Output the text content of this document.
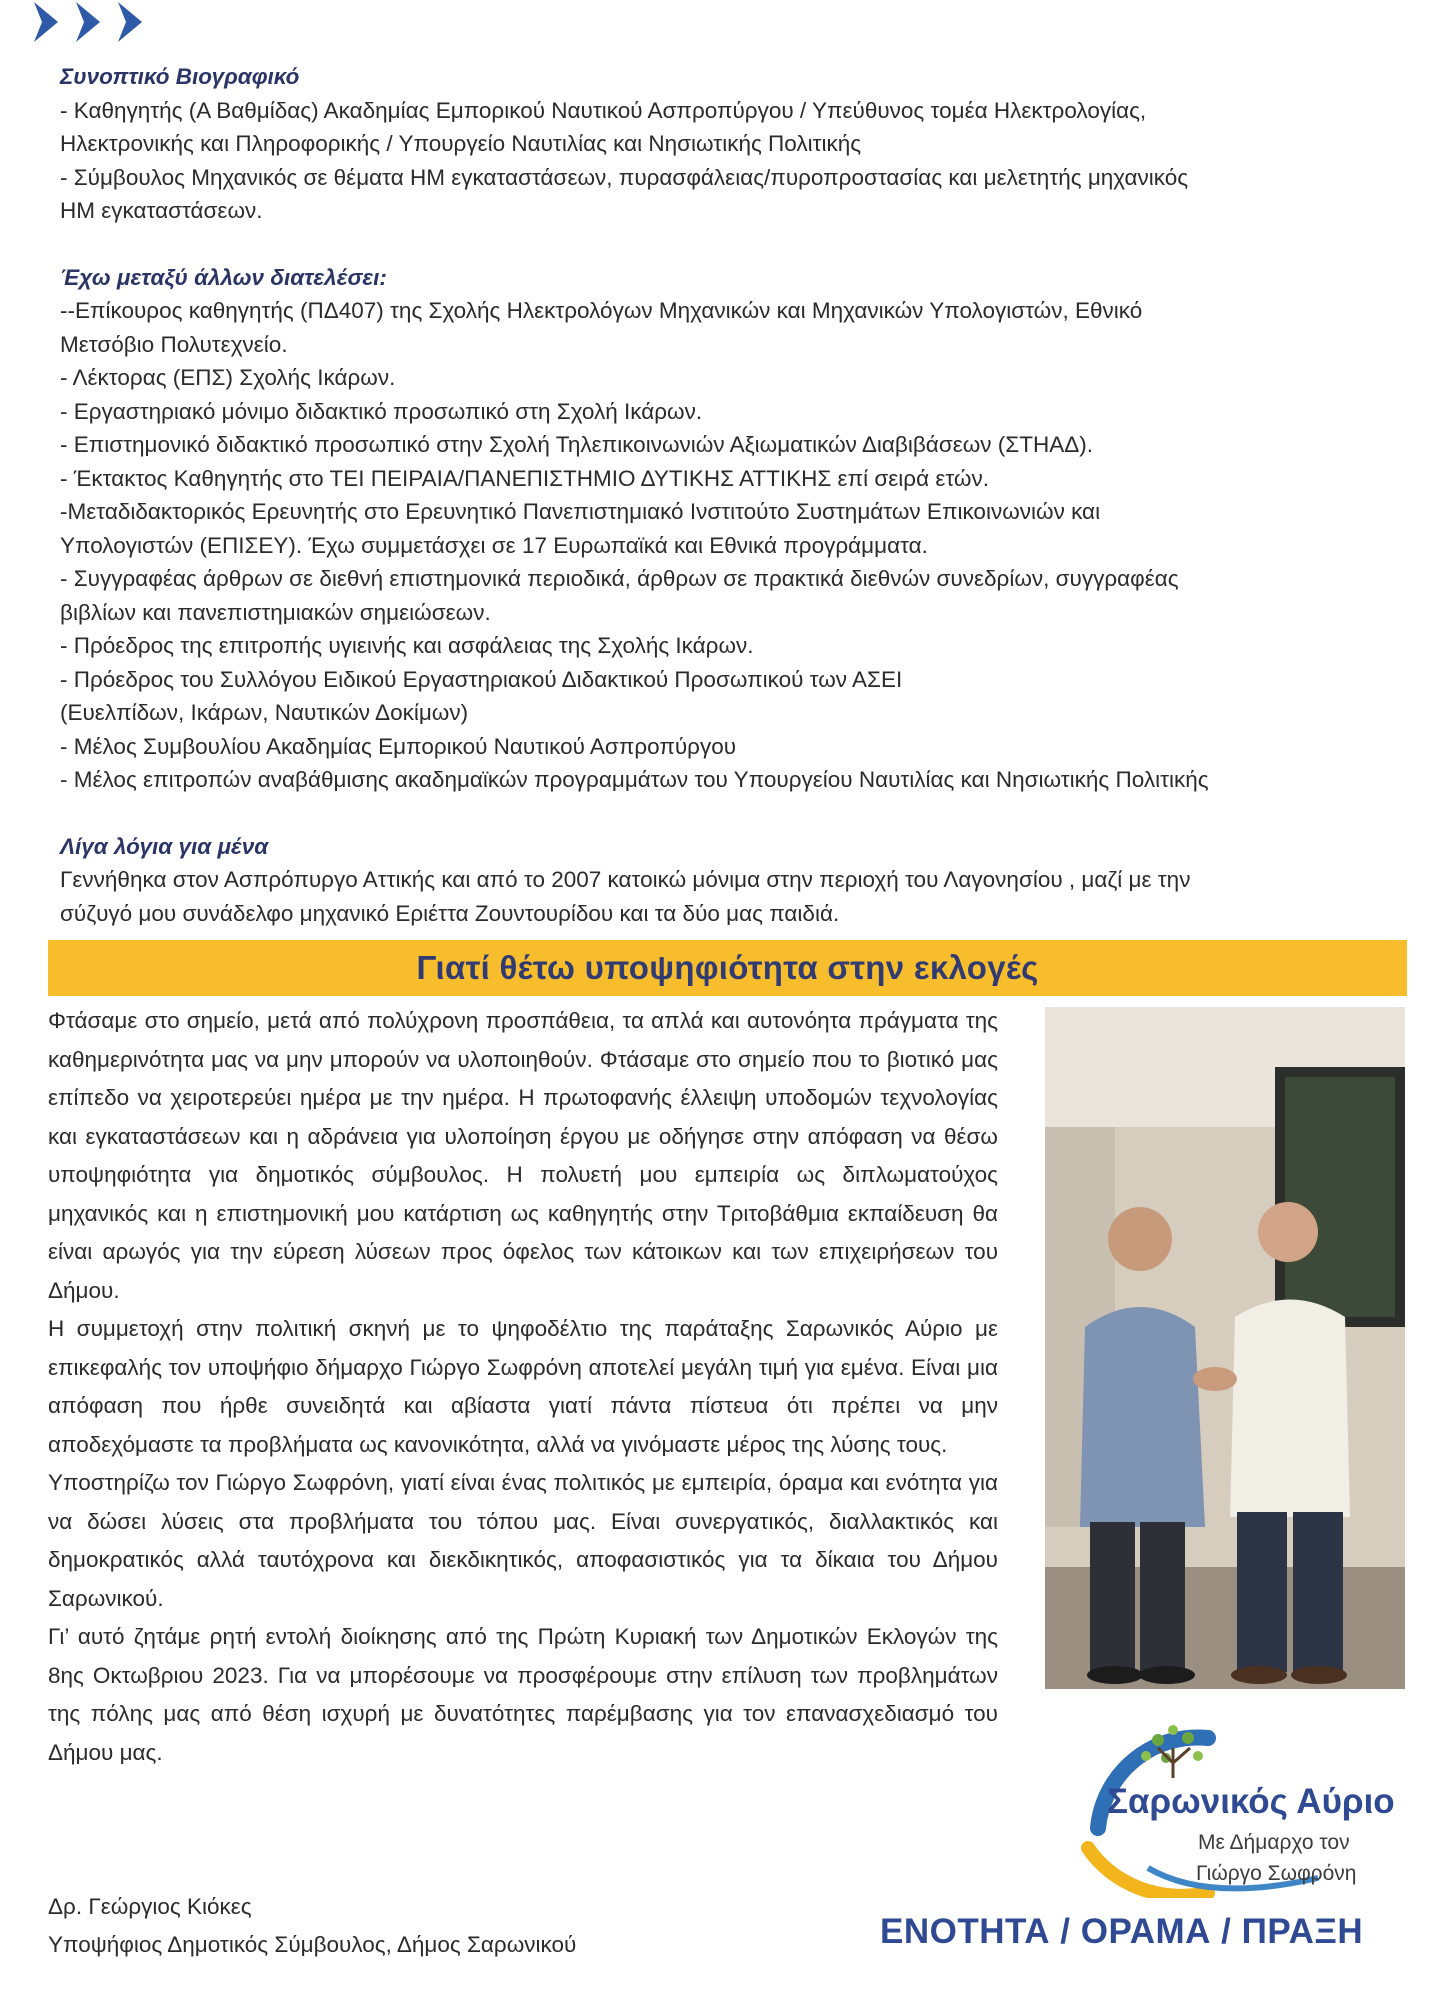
Συνοπτικό Βιογραφικό
- Καθηγητής (Α Βαθμίδας) Ακαδημίας Εμπορικού Ναυτικού Ασπροπύργου / Υπεύθυνος τομέα Ηλεκτρολογίας,
Ηλεκτρονικής και Πληροφορικής / Υπουργείο Ναυτιλίας και Νησιωτικής Πολιτικής
- Σύμβουλος Μηχανικός σε θέματα ΗΜ εγκαταστάσεων, πυρασφάλειας/πυροπροστασίας και μελετητής μηχανικός
ΗΜ εγκαταστάσεων.
Έχω μεταξύ άλλων διατελέσει:
--Επίκουρος καθηγητής (ΠΔ407) της Σχολής Ηλεκτρολόγων Μηχανικών και Μηχανικών Υπολογιστών, Εθνικό
Μετσόβιο Πολυτεχνείο.
- Λέκτορας (ΕΠΣ) Σχολής Ικάρων.
- Εργαστηριακό μόνιμο διδακτικό προσωπικό στη Σχολή Ικάρων.
- Επιστημονικό διδακτικό προσωπικό στην Σχολή Τηλεπικοινωνιών Αξιωματικών Διαβιβάσεων (ΣΤΗΑΔ).
- Έκτακτος Καθηγητής στο ΤΕΙ ΠΕΙΡΑΙΑ/ΠΑΝΕΠΙΣΤΗΜΙΟ ΔΥΤΙΚΗΣ ΑΤΤΙΚΗΣ επί σειρά ετών.
-Μεταδιδακτορικός Ερευνητής στο Ερευνητικό Πανεπιστημιακό Ινστιτούτο Συστημάτων Επικοινωνιών και
Υπολογιστών (ΕΠΙΣΕΥ). Έχω συμμετάσχει σε 17 Ευρωπαϊκά και Εθνικά προγράμματα.
- Συγγραφέας άρθρων σε διεθνή επιστημονικά περιοδικά, άρθρων σε πρακτικά διεθνών συνεδρίων, συγγραφέας
βιβλίων και πανεπιστημιακών σημειώσεων.
- Πρόεδρος της επιτροπής υγιεινής και ασφάλειας της Σχολής Ικάρων.
- Πρόεδρος του Συλλόγου Ειδικού Εργαστηριακού Διδακτικού Προσωπικού των ΑΣΕΙ
(Ευελπίδων, Ικάρων, Ναυτικών Δοκίμων)
- Μέλος Συμβουλίου Ακαδημίας Εμπορικού Ναυτικού Ασπροπύργου
- Μέλος επιτροπών αναβάθμισης ακαδημαϊκών προγραμμάτων του Υπουργείου Ναυτιλίας και Νησιωτικής Πολιτικής
Λίγα λόγια για μένα
Γεννήθηκα στον Ασπρόπυργο Αττικής και από το 2007 κατοικώ μόνιμα στην περιοχή του Λαγονησίου , μαζί με την
σύζυγό μου συνάδελφο μηχανικό Εριέττα Ζουντουρίδου και τα δύο μας παιδιά.
Γιατί θέτω υποψηφιότητα στην εκλογές

Φτάσαμε στο σημείο, μετά από πολύχρονη προσπάθεια, τα απλά και αυτονόητα πράγματα της καθημερινότητα μας να μην μπορούν να υλοποιηθούν. Φτάσαμε στο σημείο που το βιοτικό μας επίπεδο να χειροτερεύει ημέρα με την ημέρα. Η πρωτοφανής έλλειψη υποδομών τεχνολογίας και εγκαταστάσεων και η αδράνεια για υλοποίηση έργου με οδήγησε στην απόφαση να θέσω υποψηφιότητα για δημοτικός σύμβουλος. Η πολυετή μου εμπειρία ως διπλωματούχος μηχανικός και η επιστημονική μου κατάρτιση ως καθηγητής στην Τριτοβάθμια εκπαίδευση θα είναι αρωγός για την εύρεση λύσεων προς όφελος των κάτοικων και των επιχειρήσεων του Δήμου.

Η συμμετοχή στην πολιτική σκηνή με το ψηφοδέλτιο της παράταξης Σαρωνικός Αύριο με επικεφαλής τον υποψήφιο δήμαρχο Γιώργο Σωφρόνη αποτελεί μεγάλη τιμή για εμένα. Είναι μια απόφαση που ήρθε συνειδητά και αβίαστα γιατί πάντα πίστευα ότι πρέπει να μην αποδεχόμαστε τα προβλήματα ως κανονικότητα, αλλά να γινόμαστε μέρος της λύσης τους.

Υποστηρίζω τον Γιώργο Σωφρόνη, γιατί είναι ένας πολιτικός με εμπειρία, όραμα και ενότητα για να δώσει λύσεις στα προβλήματα του τόπου μας. Είναι συνεργατικός, διαλλακτικός και δημοκρατικός αλλά ταυτόχρονα και διεκδικητικός, αποφασιστικός για τα δίκαια του Δήμου Σαρωνικού.

Γι’ αυτό ζητάμε ρητή εντολή διοίκησης από της Πρώτη Κυριακή των Δημοτικών Εκλογών της 8ης Οκτωβριου 2023. Για να μπορέσουμε να προσφέρουμε στην επίλυση των προβλημάτων της πόλης μας από θέση ισχυρή με δυνατότητες παρέμβασης για τον επανασχεδιασμό του Δήμου μας.

Σαρωνικός Αύριο
Με Δήμαρχο τον
Γιώργο Σωφρόνη
Δρ. Γεώργιος Κιόκες
Υποψήφιος Δημοτικός Σύμβουλος, Δήμος Σαρωνικού	ΕΝΟΤΗΤΑ / ΟΡΑΜΑ / ΠΡΑΞΗ
